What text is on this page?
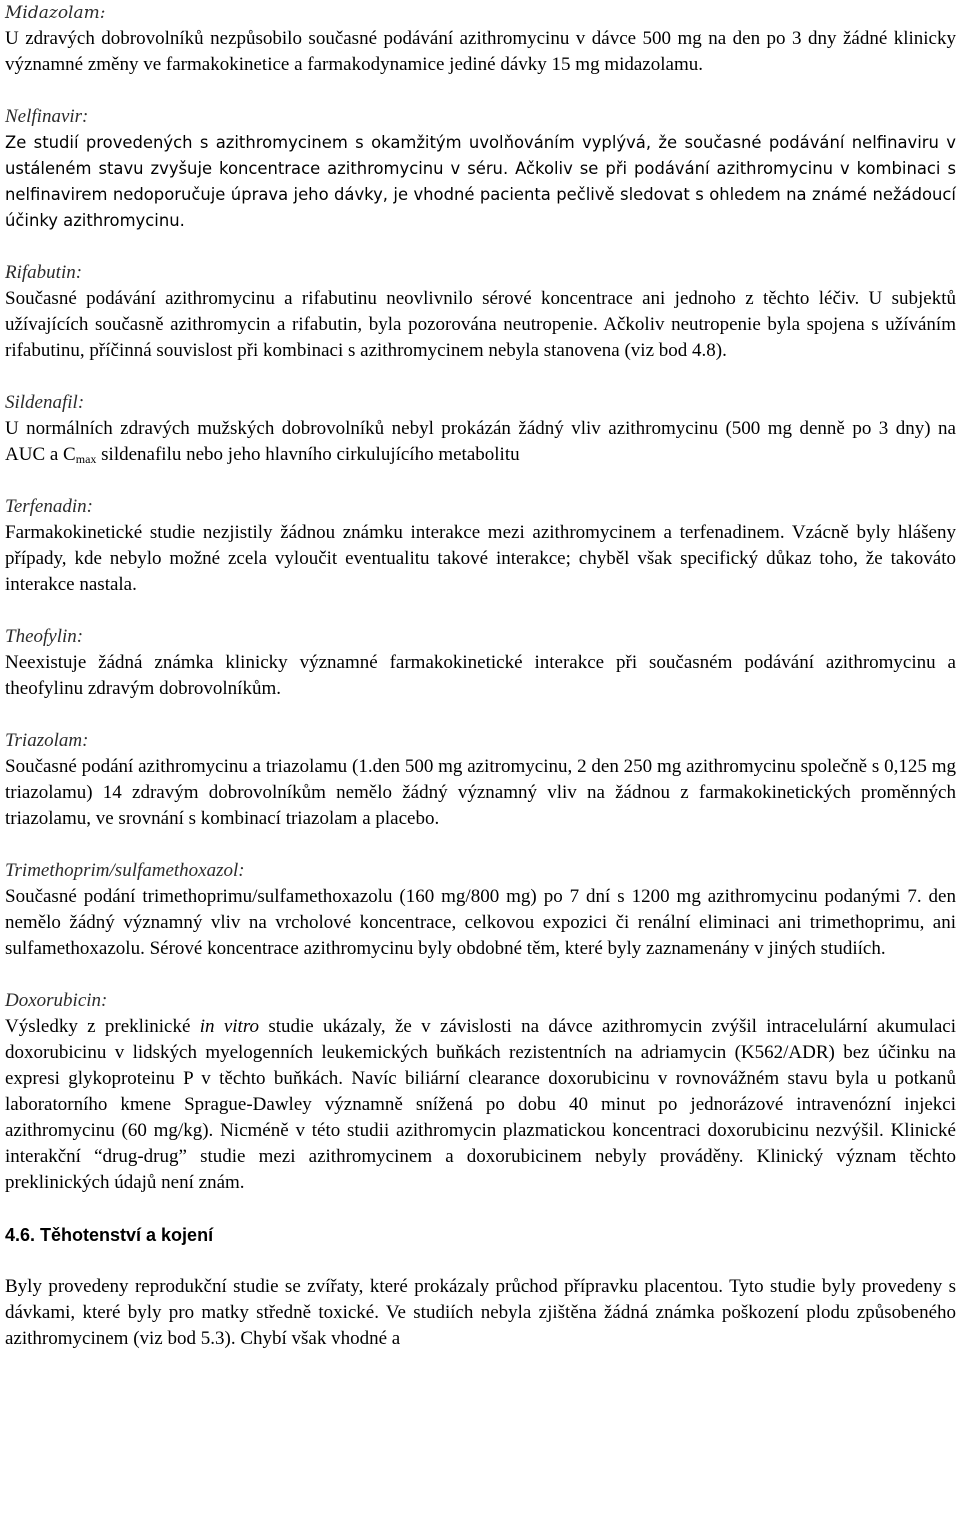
Midazolam:

U zdravých dobrovolníků nezpůsobilo současné podávání azithromycinu v dávce 500 mg na den po 3 dny žádné klinicky významné změny ve farmakokinetice a farmakodynamice jediné dávky 15 mg midazolamu.

Nelfinavir:

Ze studií provedených s azithromycinem s okamžitým uvolňováním vyplývá, že současné podávání nelfinaviru v ustáleném stavu zvyšuje koncentrace azithromycinu v séru. Ačkoliv se při podávání azithromycinu v kombinaci s nelfinavirem nedoporučuje úprava jeho dávky, je vhodné pacienta pečlivě sledovat s ohledem na známé nežádoucí účinky azithromycinu.

Rifabutin:

Současné podávání azithromycinu a rifabutinu neovlivnilo sérové koncentrace ani jednoho z těchto léčiv. U subjektů užívajících současně azithromycin a rifabutin, byla pozorována neutropenie. Ačkoliv neutropenie byla spojena s užíváním rifabutinu, příčinná souvislost při kombinaci s azithromycinem nebyla stanovena (viz bod 4.8).

Sildenafil:

U normálních zdravých mužských dobrovolníků nebyl prokázán žádný vliv azithromycinu (500 mg denně po 3 dny) na AUC a $C_{max}$ sildenafilu nebo jeho hlavního cirkulujícího metabolitu

Terfenadin:

Farmakokinetické studie nezjistily žádnou známku interakce mezi azithromycinem a terfenadinem. Vzácně byly hlášeny případy, kde nebylo možné zcela vyloučit eventualitu takové interakce; chyběl však specifický důkaz toho, že takováto interakce nastala.

Theofylin:

Neexistuje žádná známka klinicky významné farmakokinetické interakce při současném podávání azithromycinu a theofylinu zdravým dobrovolníkům.

Triazolam:

Současné podání azithromycinu a triazolamu (1.den 500 mg azitromycinu, 2 den 250 mg azithromycinu společně s 0,125 mg triazolamu) 14 zdravým dobrovolníkům nemělo žádný významný vliv na žádnou z farmakokinetických proměnných triazolamu, ve srovnání s kombinací triazolam a placebo.

Trimethoprim/sulfamethoxazol:

Současné podání trimethoprimu/sulfamethoxazolu (160 mg/800 mg) po 7 dní s 1200 mg azithromycinu podanými 7. den nemělo žádný významný vliv na vrcholové koncentrace, celkovou expozici či renální eliminaci ani trimethoprimu, ani sulfamethoxazolu. Sérové koncentrace azithromycinu byly obdobné těm, které byly zaznamenány v jiných studiích.

Doxorubicin:

Výsledky z preklinické in vitro studie ukázaly, že v závislosti na dávce azithromycin zvýšil intracelulární akumulaci doxorubicinu v lidských myelogenních leukemických buňkách rezistentních na adriamycin (K562/ADR) bez účinku na expresi glykoproteinu P v těchto buňkách. Navíc biliární clearance doxorubicinu v rovnovážném stavu byla u potkanů laboratorního kmene Sprague-Dawley významně snížená po dobu 40 minut po jednorázové intravenózní injekci azithromycinu (60 mg/kg). Nicméně v této studii azithromycin plazmatickou koncentraci doxorubicinu nezvýšil. Klinické interakční “drug-drug” studie mezi azithromycinem a doxorubicinem nebyly prováděny. Klinický význam těchto preklinických údajů není znám.

4.6. Těhotenství a kojení

Byly provedeny reprodukční studie se zvířaty, které prokázaly průchod přípravku placentou. Tyto studie byly provedeny s dávkami, které byly pro matky středně toxické. Ve studiích nebyla zjištěna žádná známka poškození plodu způsobeného azithromycinem (viz bod 5.3). Chybí však vhodné a
